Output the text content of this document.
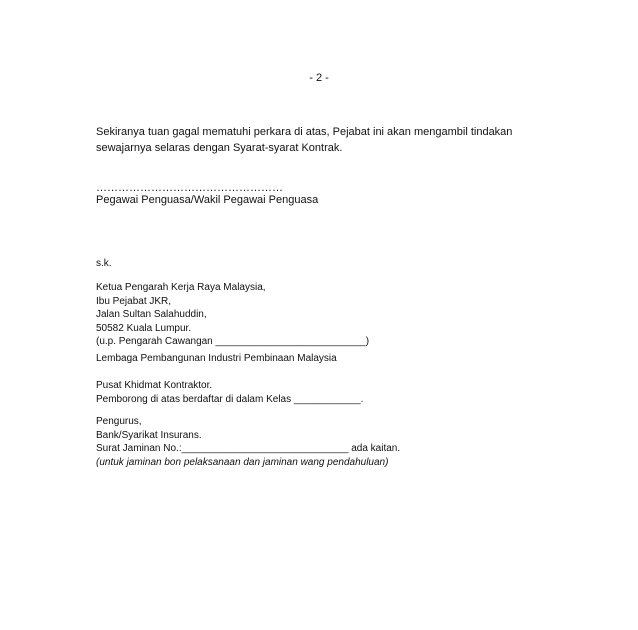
- 2 -
Sekiranya tuan gagal mematuhi perkara di atas, Pejabat ini akan mengambil tindakan
sewajarnya selaras dengan Syarat-syarat Kontrak.
……………………………………………
Pegawai Penguasa/Wakil Pegawai Penguasa
s.k.
Ketua Pengarah Kerja Raya Malaysia,
Ibu Pejabat JKR,
Jalan Sultan Salahuddin,
50582 Kuala Lumpur.
(u.p. Pengarah Cawangan ___________________________)
Lembaga Pembangunan Industri Pembinaan Malaysia
Pusat Khidmat Kontraktor.
Pemborong di atas berdaftar di dalam Kelas ____________.
Pengurus,
Bank/Syarikat Insurans.
Surat Jaminan No.:______________________________ ada kaitan.
(untuk jaminan bon pelaksanaan dan jaminan wang pendahuluan)
